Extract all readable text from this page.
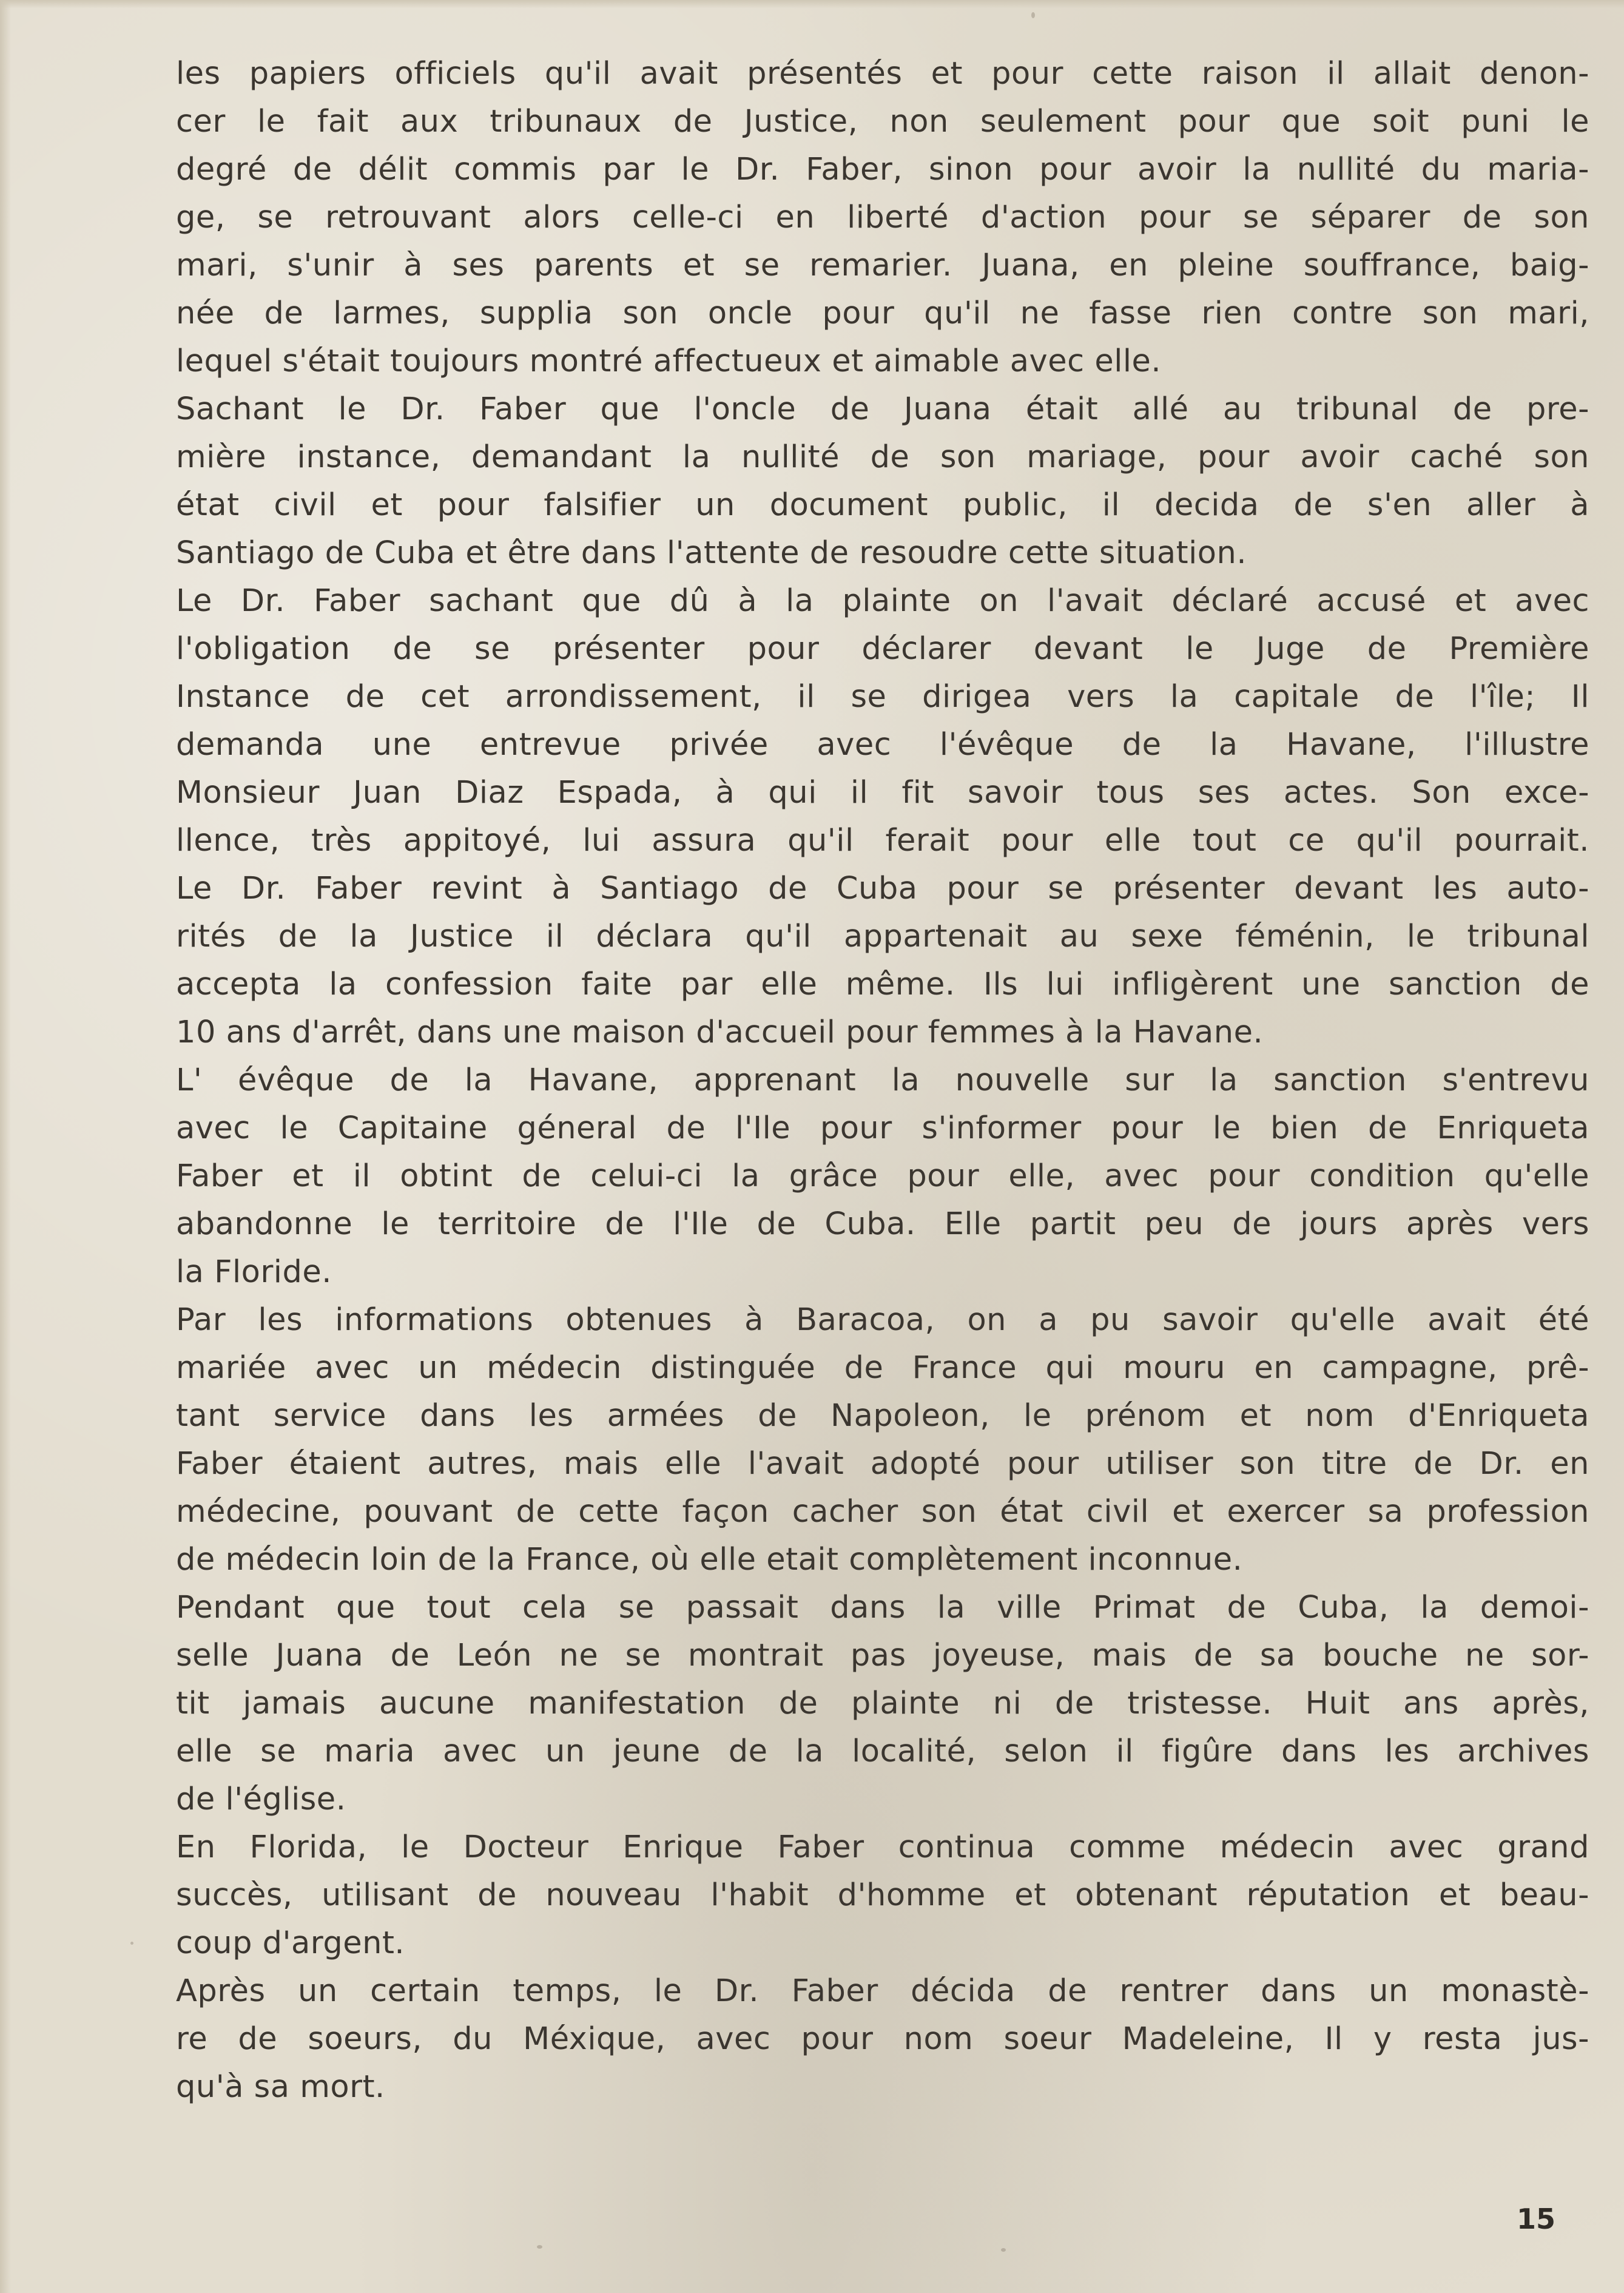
les papiers officiels qu'il avait présentés et pour cette raison il allait denon-
cer le fait aux tribunaux de Justice, non seulement pour que soit puni le
degré de délit commis par le Dr. Faber, sinon pour avoir la nullité du maria-
ge, se retrouvant alors celle-ci en liberté d'action pour se séparer de son
mari, s'unir à ses parents et se remarier. Juana, en pleine souffrance, baig-
née de larmes, supplia son oncle pour qu'il ne fasse rien contre son mari,
lequel s'était toujours montré affectueux et aimable avec elle.
Sachant le Dr. Faber que l'oncle de Juana était allé au tribunal de pre-
mière instance, demandant la nullité de son mariage, pour avoir caché son
état civil et pour falsifier un document public, il decida de s'en aller à
Santiago de Cuba et être dans l'attente de resoudre cette situation.
Le Dr. Faber sachant que dû à la plainte on l'avait déclaré accusé et avec
l'obligation de se présenter pour déclarer devant le Juge de Première
Instance de cet arrondissement, il se dirigea vers la capitale de l'île; Il
demanda une entrevue privée avec l'évêque de la Havane, l'illustre
Monsieur Juan Diaz Espada, à qui il fit savoir tous ses actes. Son exce-
llence, très appitoyé, lui assura qu'il ferait pour elle tout ce qu'il pourrait.
Le Dr. Faber revint à Santiago de Cuba pour se présenter devant les auto-
rités de la Justice il déclara qu'il appartenait au sexe féménin, le tribunal
accepta la confession faite par elle même. Ils lui infligèrent une sanction de
10 ans d'arrêt, dans une maison d'accueil pour femmes à la Havane.
L' évêque de la Havane, apprenant la nouvelle sur la sanction s'entrevu
avec le Capitaine géneral de l'Ile pour s'informer pour le bien de Enriqueta
Faber et il obtint de celui-ci la grâce pour elle, avec pour condition qu'elle
abandonne le territoire de l'Ile de Cuba. Elle partit peu de jours après vers
la Floride.
Par les informations obtenues à Baracoa, on a pu savoir qu'elle avait été
mariée avec un médecin distinguée de France qui mouru en campagne, prê-
tant service dans les armées de Napoleon, le prénom et nom d'Enriqueta
Faber étaient autres, mais elle l'avait adopté pour utiliser son titre de Dr. en
médecine, pouvant de cette façon cacher son état civil et exercer sa profession
de médecin loin de la France, où elle etait complètement inconnue.
Pendant que tout cela se passait dans la ville Primat de Cuba, la demoi-
selle Juana de León ne se montrait pas joyeuse, mais de sa bouche ne sor-
tit jamais aucune manifestation de plainte ni de tristesse. Huit ans après,
elle se maria avec un jeune de la localité, selon il figûre dans les archives
de l'église.
En Florida, le Docteur Enrique Faber continua comme médecin avec grand
succès, utilisant de nouveau l'habit d'homme et obtenant réputation et beau-
coup d'argent.
Après un certain temps, le Dr. Faber décida de rentrer dans un monastè-
re de soeurs, du Méxique, avec pour nom soeur Madeleine, Il y resta jus-
qu'à sa mort.
15
